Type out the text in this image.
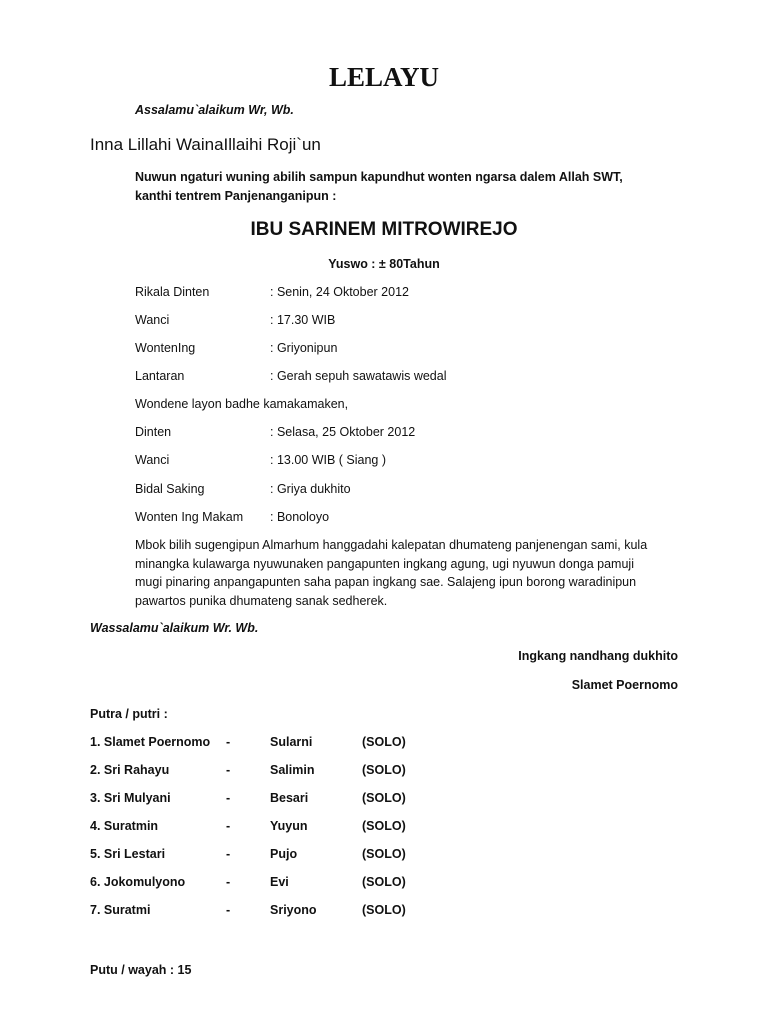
LELAYU
Assalamu`alaikum Wr, Wb.
Inna Lillahi WainaIllaihi Roji`un
Nuwun ngaturi wuning abilih sampun kapundhut wonten ngarsa dalem Allah SWT, kanthi tentrem Panjenanganipun :
IBU SARINEM MITROWIREJO
Yuswo : ± 80Tahun
Rikala Dinten	: Senin, 24 Oktober 2012
Wanci	: 17.30 WIB
WontenIng	: Griyonipun
Lantaran	: Gerah sepuh sawatawis wedal
Wondene layon badhe kamakamaken,
Dinten	: Selasa, 25 Oktober 2012
Wanci	: 13.00 WIB ( Siang )
Bidal Saking	: Griya dukhito
Wonten Ing Makam : Bonoloyo
Mbok bilih sugengipun Almarhum hanggadahi kalepatan dhumateng panjenengan sami, kula minangka kulawarga nyuwunaken pangapunten ingkang agung, ugi nyuwun donga pamuji mugi pinaring anpangapunten saha papan ingkang sae. Salajeng ipun borong waradinipun pawartos punika dhumateng sanak sedherek.
Wassalamu`alaikum Wr. Wb.
Ingkang nandhang dukhito
Slamet Poernomo
Putra / putri :
1. Slamet Poernomo -	Sularni	(SOLO)
2. Sri Rahayu	-	Salimin	(SOLO)
3. Sri Mulyani	-	Besari	(SOLO)
4. Suratmin	-	Yuyun	(SOLO)
5. Sri Lestari	-	Pujo	(SOLO)
6. Jokomulyono	-	Evi	(SOLO)
7. Suratmi	-	Sriyono	(SOLO)
Putu / wayah : 15
